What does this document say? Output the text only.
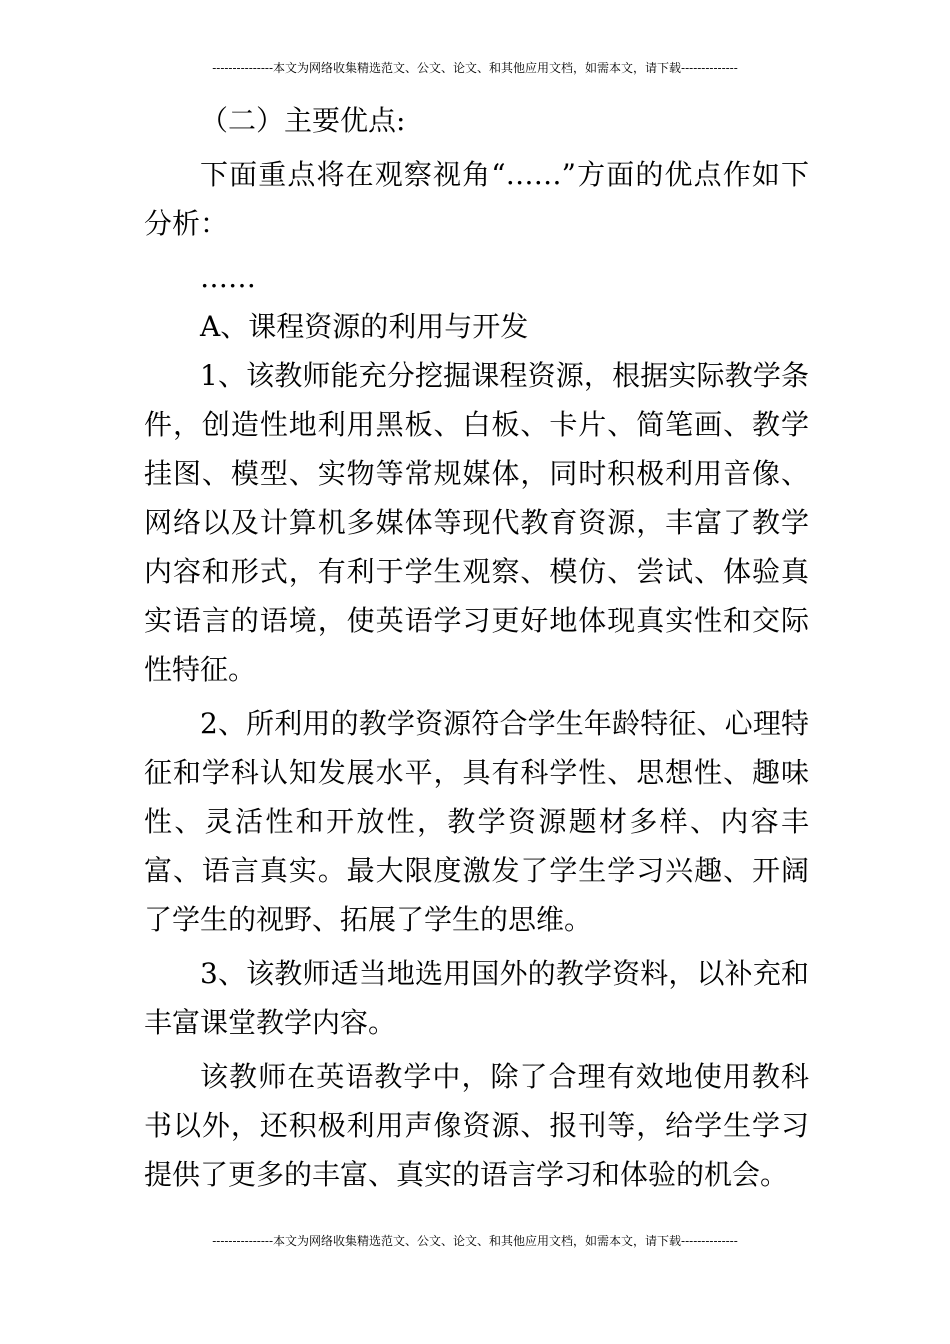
---------------本文为网络收集精选范文、公文、论文、和其他应用文档，如需本文，请下载--------------

（二）主要优点:

下面重点将在观察视角“……”方面的优点作如下分析：

……

A、课程资源的利用与开发

1、该教师能充分挖掘课程资源，根据实际教学条件，创造性地利用黑板、白板、卡片、简笔画、教学挂图、模型、实物等常规媒体，同时积极利用音像、网络以及计算机多媒体等现代教育资源，丰富了教学内容和形式，有利于学生观察、模仿、尝试、体验真实语言的语境，使英语学习更好地体现真实性和交际性特征。

2、所利用的教学资源符合学生年龄特征、心理特征和学科认知发展水平，具有科学性、思想性、趣味性、灵活性和开放性，教学资源题材多样、内容丰富、语言真实。最大限度激发了学生学习兴趣、开阔了学生的视野、拓展了学生的思维。

3、该教师适当地选用国外的教学资料，以补充和丰富课堂教学内容。

该教师在英语教学中，除了合理有效地使用教科书以外，还积极利用声像资源、报刊等，给学生学习提供了更多的丰富、真实的语言学习和体验的机会。

---------------本文为网络收集精选范文、公文、论文、和其他应用文档，如需本文，请下载--------------
